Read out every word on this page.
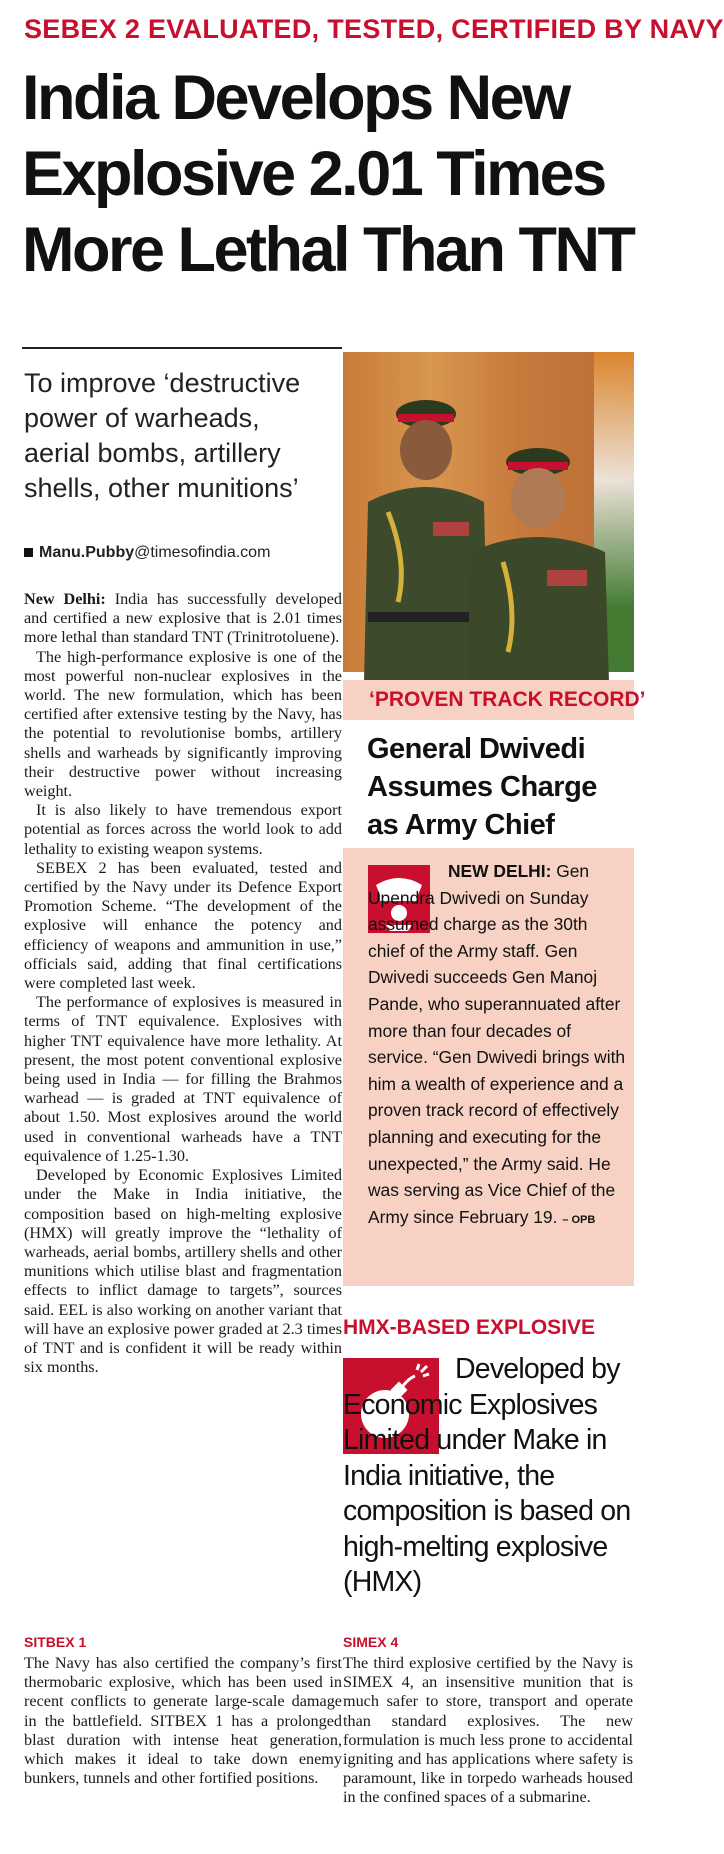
SEBEX 2 EVALUATED, TESTED, CERTIFIED BY NAVY
India Develops New
Explosive 2.01 Times
More Lethal Than TNT
To improve ‘destructive
power of warheads,
aerial bombs, artillery
shells, other munitions’
Manu.Pubby@timesofindia.com

New Delhi: India has successfully developed and certified a new explosive that is 2.01 times more lethal than standard TNT (Trinitrotoluene).

The high-performance explosive is one of the most powerful non-nuclear explosives in the world. The new formulation, which has been certified after extensive testing by the Navy, has the potential to revolutionise bombs, artillery shells and warheads by significantly improving their destructive power without increasing weight.

It is also likely to have tremendous export potential as forces across the world look to add lethality to existing weapon systems.

SEBEX 2 has been evaluated, tested and certified by the Navy under its Defence Export Promotion Scheme. “The development of the explosive will enhance the potency and efficiency of weapons and ammunition in use,” officials said, adding that final certifications were completed last week.

The performance of explosives is measured in terms of TNT equivalence. Explosives with higher TNT equivalence have more lethality. At present, the most potent conventional explosive being used in India — for filling the Brahmos warhead — is graded at TNT equivalence of about 1.50. Most explosives around the world used in conventional warheads have a TNT equivalence of 1.25-1.30.

Developed by Economic Explosives Limited under the Make in India initiative, the composition based on high-melting explosive (HMX) will greatly improve the “lethality of warheads, aerial bombs, artillery shells and other munitions which utilise blast and fragmentation effects to inflict damage to targets”, sources said. EEL is also working on another variant that will have an explosive power graded at 2.3 times of TNT and is confident it will be ready within six months.

SITBEX 1

The Navy has also certified the company’s first thermobaric explosive, which has been used in recent conflicts to generate large-scale damage in the battlefield. SITBEX 1 has a prolonged blast duration with intense heat generation, which makes it ideal to take down enemy bunkers, tunnels and other fortified positions.

SIMEX 4

The third explosive certified by the Navy is SIMEX 4, an insensitive munition that is much safer to store, transport and operate than standard explosives. The new formulation is much less prone to accidental igniting and has applications where safety is paramount, like in torpedo warheads housed in the confined spaces of a submarine.

‘PROVEN TRACK RECORD’
General Dwivedi
Assumes Charge
as Army Chief
NEW DELHI: Gen Upendra Dwivedi on Sunday assumed charge as the 30th chief of the Army staff. Gen Dwivedi succeeds Gen Manoj Pande, who superannuated after more than four decades of service. “Gen Dwivedi brings with him a wealth of experience and a proven track record of effectively planning and executing for the unexpected,” the Army said. He was serving as Vice Chief of the Army since February 19. – OPB
HMX-BASED EXPLOSIVE
Developed by Economic Explosives Limited under Make in India initiative, the composition is based on high-melting explosive (HMX)
